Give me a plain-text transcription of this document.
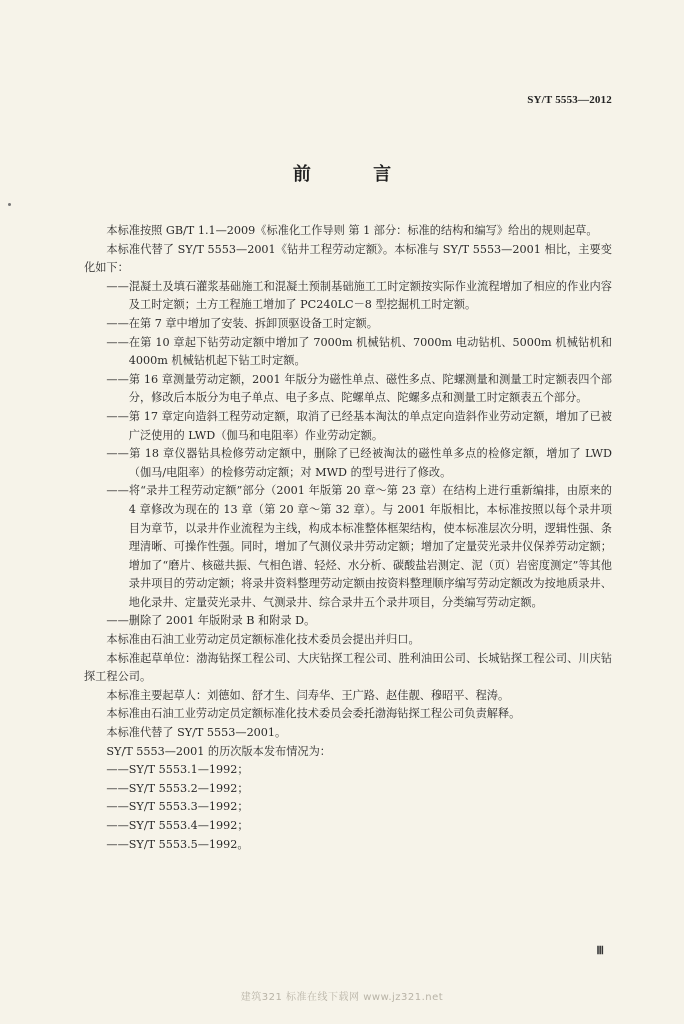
SY/T 5553—2012
前 言

本标准按照 GB/T 1.1—2009《标准化工作导则 第 1 部分：标准的结构和编写》给出的规则起草。

本标准代替了 SY/T 5553—2001《钻井工程劳动定额》。本标准与 SY/T 5553—2001 相比，主要变化如下：

——混凝土及填石灌浆基础施工和混凝土预制基础施工工时定额按实际作业流程增加了相应的作业内容及工时定额；土方工程施工增加了 PC240LC－8 型挖掘机工时定额。

——在第 7 章中增加了安装、拆卸顶驱设备工时定额。

——在第 10 章起下钻劳动定额中增加了 7000m 机械钻机、7000m 电动钻机、5000m 机械钻机和 4000m 机械钻机起下钻工时定额。

——第 16 章测量劳动定额，2001 年版分为磁性单点、磁性多点、陀螺测量和测量工时定额表四个部分，修改后本版分为电子单点、电子多点、陀螺单点、陀螺多点和测量工时定额表五个部分。

——第 17 章定向造斜工程劳动定额，取消了已经基本淘汰的单点定向造斜作业劳动定额，增加了已被广泛使用的 LWD（伽马和电阻率）作业劳动定额。

——第 18 章仪器钻具检修劳动定额中，删除了已经被淘汰的磁性单多点的检修定额，增加了 LWD（伽马/电阻率）的检修劳动定额；对 MWD 的型号进行了修改。

——将“录井工程劳动定额”部分（2001 年版第 20 章～第 23 章）在结构上进行重新编排，由原来的 4 章修改为现在的 13 章（第 20 章～第 32 章）。与 2001 年版相比，本标准按照以每个录井项目为章节，以录井作业流程为主线，构成本标准整体框架结构，使本标准层次分明，逻辑性强、条理清晰、可操作性强。同时，增加了气测仪录井劳动定额；增加了定量荧光录井仪保养劳动定额；增加了“磨片、核磁共振、气相色谱、轻烃、水分析、碳酸盐岩测定、泥（页）岩密度测定”等其他录井项目的劳动定额；将录井资料整理劳动定额由按资料整理顺序编写劳动定额改为按地质录井、地化录井、定量荧光录井、气测录井、综合录井五个录井项目，分类编写劳动定额。

——删除了 2001 年版附录 B 和附录 D。

本标准由石油工业劳动定员定额标准化技术委员会提出并归口。

本标准起草单位：渤海钻探工程公司、大庆钻探工程公司、胜利油田公司、长城钻探工程公司、川庆钻探工程公司。

本标准主要起草人：刘德如、舒才生、闫寿华、王广路、赵佳靓、穆昭平、程涛。

本标准由石油工业劳动定员定额标准化技术委员会委托渤海钻探工程公司负责解释。

本标准代替了 SY/T 5553—2001。

SY/T 5553—2001 的历次版本发布情况为：

——SY/T 5553.1—1992；

——SY/T 5553.2—1992；

——SY/T 5553.3—1992；

——SY/T 5553.4—1992；

——SY/T 5553.5—1992。

Ⅲ
建筑321 标准在线下载网 www.jz321.net
